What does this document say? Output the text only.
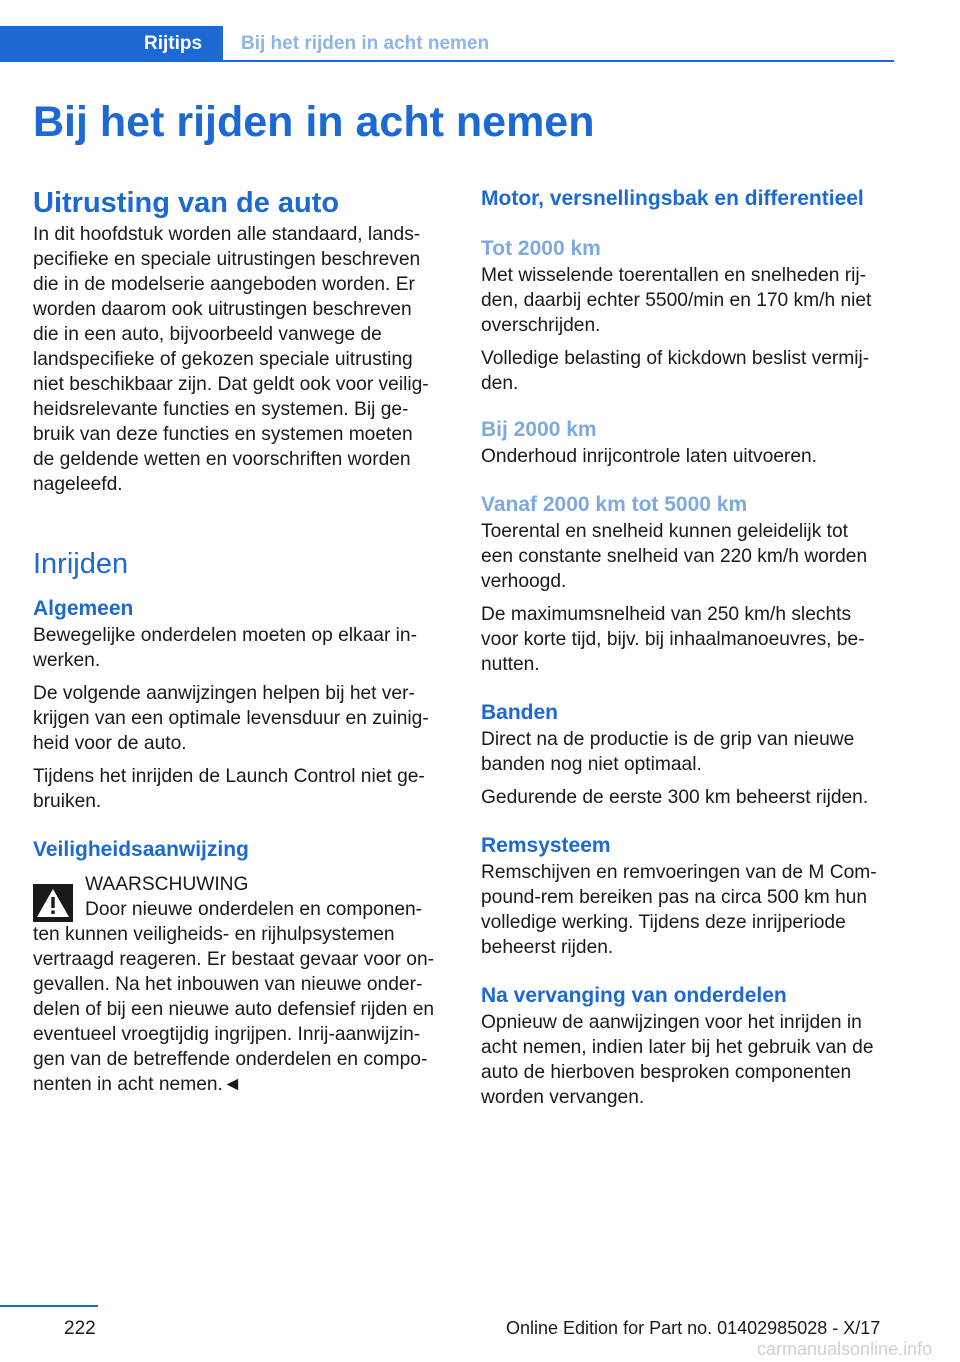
Rijtips	Bij het rijden in acht nemen
Bij het rijden in acht nemen
Uitrusting van de auto

In dit hoofdstuk worden alle standaard, lands-
pecifieke en speciale uitrustingen beschreven
die in de modelserie aangeboden worden. Er
worden daarom ook uitrustingen beschreven
die in een auto, bijvoorbeeld vanwege de
landspecifieke of gekozen speciale uitrusting
niet beschikbaar zijn. Dat geldt ook voor veilig-
heidsrelevante functies en systemen. Bij ge-
bruik van deze functies en systemen moeten
de geldende wetten en voorschriften worden
nageleefd.

Inrijden
Algemeen

Bewegelijke onderdelen moeten op elkaar in-
werken.

De volgende aanwijzingen helpen bij het ver-
krijgen van een optimale levensduur en zuinig-
heid voor de auto.

Tijdens het inrijden de Launch Control niet ge-
bruiken.

Veiligheidsaanwijzing

WAARSCHUWING
Door nieuwe onderdelen en componen-
ten kunnen veiligheids- en rijhulpsystemen
vertraagd reageren. Er bestaat gevaar voor on-
gevallen. Na het inbouwen van nieuwe onder-
delen of bij een nieuwe auto defensief rijden en
eventueel vroegtijdig ingrijpen. Inrij-aanwijzin-
gen van de betreffende onderdelen en compo-
nenten in acht nemen.◄

Motor, versnellingsbak en differentieel
Tot 2000 km

Met wisselende toerentallen en snelheden rij-
den, daarbij echter 5500/min en 170 km/h niet
overschrijden.

Volledige belasting of kickdown beslist vermij-
den.

Bij 2000 km

Onderhoud inrijcontrole laten uitvoeren.

Vanaf 2000 km tot 5000 km

Toerental en snelheid kunnen geleidelijk tot
een constante snelheid van 220 km/h worden
verhoogd.

De maximumsnelheid van 250 km/h slechts
voor korte tijd, bijv. bij inhaalmanoeuvres, be-
nutten.

Banden

Direct na de productie is de grip van nieuwe
banden nog niet optimaal.

Gedurende de eerste 300 km beheerst rijden.

Remsysteem

Remschijven en remvoeringen van de M Com-
pound-rem bereiken pas na circa 500 km hun
volledige werking. Tijdens deze inrijperiode
beheerst rijden.

Na vervanging van onderdelen

Opnieuw de aanwijzingen voor het inrijden in
acht nemen, indien later bij het gebruik van de
auto de hierboven besproken componenten
worden vervangen.

222	Online Edition for Part no. 01402985028 - X/17
carmanualsonline.info
